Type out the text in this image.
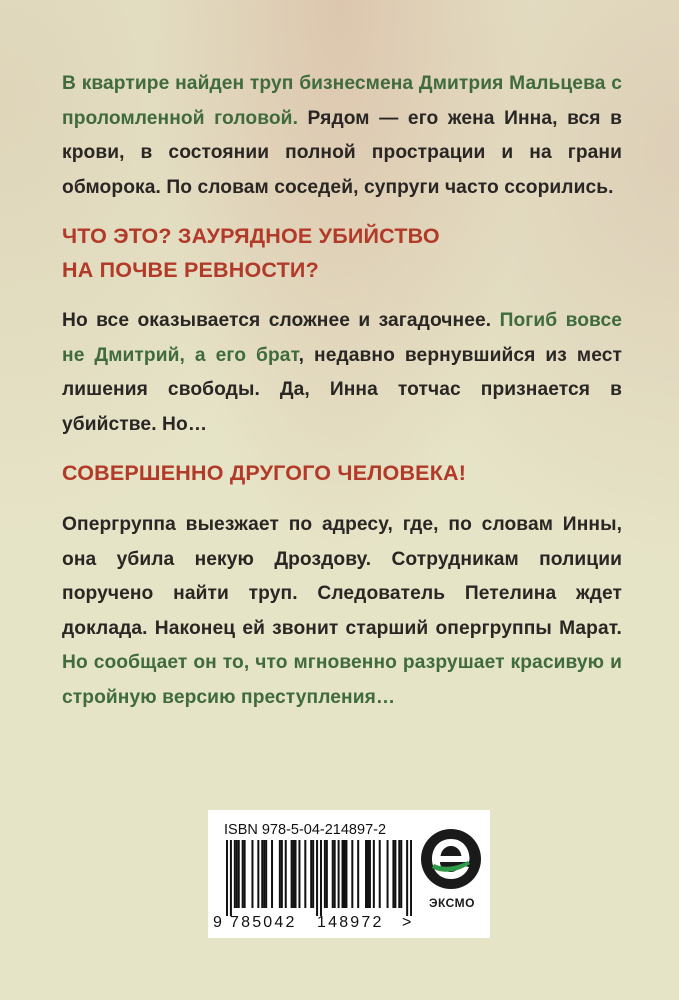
В квартире найден труп бизнесмена Дмитрия Мальцева с проломленной головой. Рядом — его жена Инна, вся в крови, в состоянии полной прострации и на грани обморока. По словам соседей, супруги часто ссорились.
ЧТО ЭТО? ЗАУРЯДНОЕ УБИЙСТВО
НА ПОЧВЕ РЕВНОСТИ?
Но все оказывается сложнее и загадочнее. Погиб вовсе не Дмитрий, а его брат, недавно вернувшийся из мест лишения свободы. Да, Инна тотчас признается в убийстве. Но…
СОВЕРШЕННО ДРУГОГО ЧЕЛОВЕКА!
Опергруппа выезжает по адресу, где, по словам Инны, она убила некую Дроздову. Сотрудникам полиции поручено найти труп. Следователь Петелина ждет доклада. Наконец ей звонит старший опергруппы Марат. Но сообщает он то, что мгновенно разрушает красивую и стройную версию преступления…
ISBN 978-5-04-214897-2
9 785042 148972 >
ЭКСМО
